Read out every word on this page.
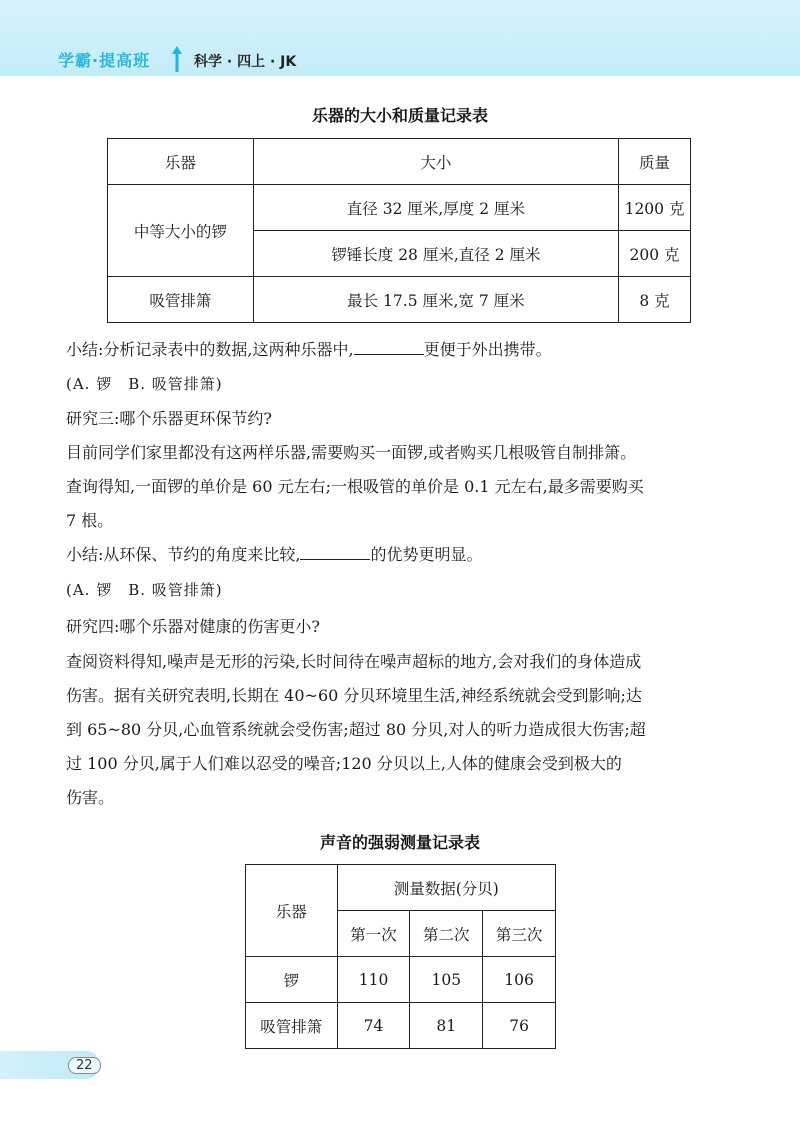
学霸·提高班	科学 · 四上 · JK
乐器的大小和质量记录表
乐器	大小	质量
中等大小的锣	直径 32 厘米,厚度 2 厘米	1200 克
	锣锤长度 28 厘米,直径 2 厘米	200 克
吸管排箫	最长 17.5 厘米,宽 7 厘米	8 克
小结:分析记录表中的数据,这两种乐器中,	更便于外出携带。
(A. 锣　B. 吸管排箫)
研究三:哪个乐器更环保节约?
目前同学们家里都没有这两样乐器,需要购买一面锣,或者购买几根吸管自制排箫。
查询得知,一面锣的单价是 60 元左右;一根吸管的单价是 0.1 元左右,最多需要购买
7 根。
小结:从环保、节约的角度来比较,	的优势更明显。
(A. 锣　B. 吸管排箫)
研究四:哪个乐器对健康的伤害更小?
查阅资料得知,噪声是无形的污染,长时间待在噪声超标的地方,会对我们的身体造成
伤害。据有关研究表明,长期在 40~60 分贝环境里生活,神经系统就会受到影响;达
到 65~80 分贝,心血管系统就会受伤害;超过 80 分贝,对人的听力造成很大伤害;超
过 100 分贝,属于人们难以忍受的噪音;120 分贝以上,人体的健康会受到极大的
伤害。
声音的强弱测量记录表
乐器	测量数据(分贝)		
	第一次	第二次	第三次
锣	110	105	106
吸管排箫	74	81	76
22
